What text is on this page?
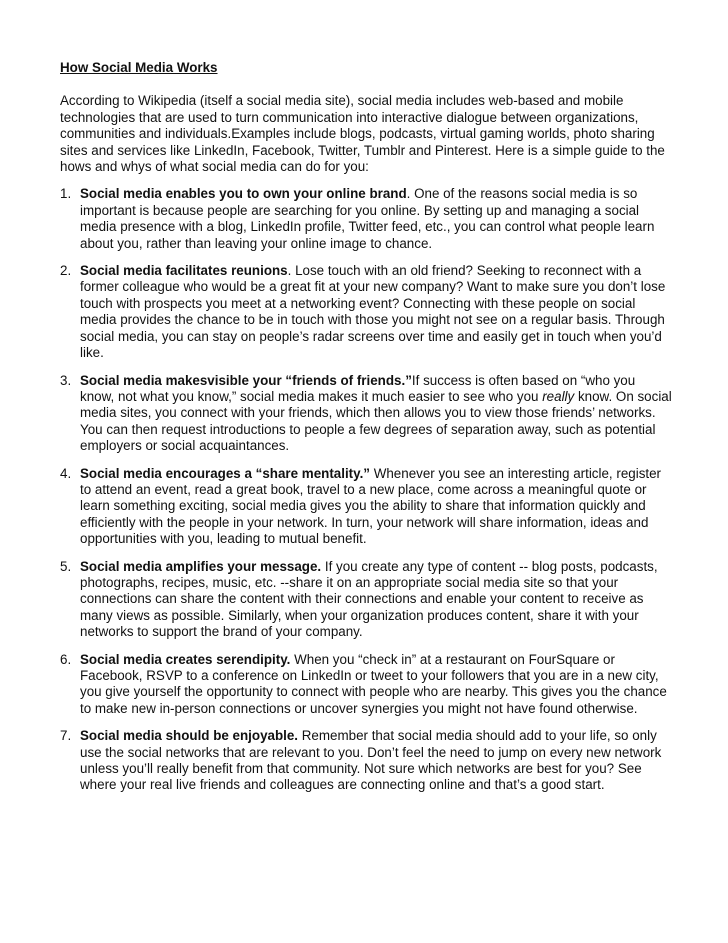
How Social Media Works

According to Wikipedia (itself a social media site), social media includes web-based and mobile technologies that are used to turn communication into interactive dialogue between organizations, communities and individuals.Examples include blogs, podcasts, virtual gaming worlds, photo sharing sites and services like LinkedIn, Facebook, Twitter, Tumblr and Pinterest. Here is a simple guide to the hows and whys of what social media can do for you:

1. Social media enables you to own your online brand. One of the reasons social media is so important is because people are searching for you online. By setting up and managing a social media presence with a blog, LinkedIn profile, Twitter feed, etc., you can control what people learn about you, rather than leaving your online image to chance.
2. Social media facilitates reunions. Lose touch with an old friend? Seeking to reconnect with a former colleague who would be a great fit at your new company? Want to make sure you don’t lose touch with prospects you meet at a networking event? Connecting with these people on social media provides the chance to be in touch with those you might not see on a regular basis. Through social media, you can stay on people’s radar screens over time and easily get in touch when you’d like.
3. Social media makesvisible your “friends of friends.”If success is often based on “who you know, not what you know,” social media makes it much easier to see who you really know. On social media sites, you connect with your friends, which then allows you to view those friends’ networks. You can then request introductions to people a few degrees of separation away, such as potential employers or social acquaintances.
4. Social media encourages a “share mentality.” Whenever you see an interesting article, register to attend an event, read a great book, travel to a new place, come across a meaningful quote or learn something exciting, social media gives you the ability to share that information quickly and efficiently with the people in your network. In turn, your network will share information, ideas and opportunities with you, leading to mutual benefit.
5. Social media amplifies your message. If you create any type of content -- blog posts, podcasts, photographs, recipes, music, etc. --share it on an appropriate social media site so that your connections can share the content with their connections and enable your content to receive as many views as possible. Similarly, when your organization produces content, share it with your networks to support the brand of your company.
6. Social media creates serendipity. When you “check in” at a restaurant on FourSquare or Facebook, RSVP to a conference on LinkedIn or tweet to your followers that you are in a new city, you give yourself the opportunity to connect with people who are nearby. This gives you the chance to make new in-person connections or uncover synergies you might not have found otherwise.
7. Social media should be enjoyable. Remember that social media should add to your life, so only use the social networks that are relevant to you. Don’t feel the need to jump on every new network unless you’ll really benefit from that community. Not sure which networks are best for you? See where your real live friends and colleagues are connecting online and that’s a good start.
